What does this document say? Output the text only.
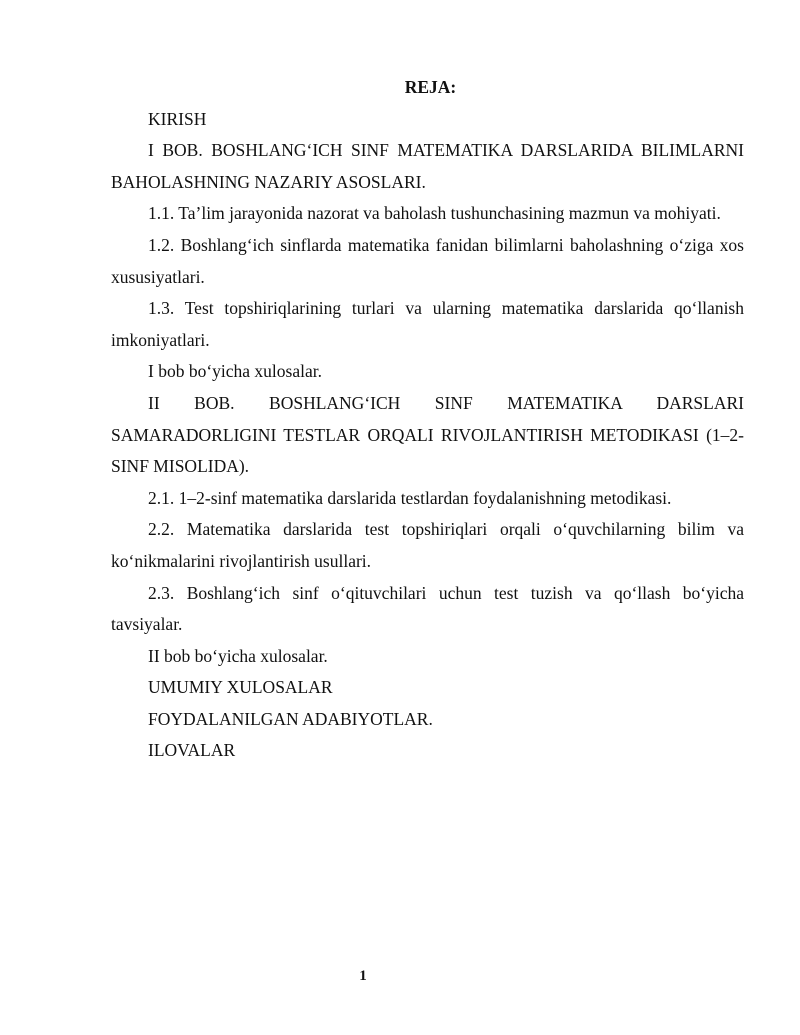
REJA:

KIRISH

I BOB. BOSHLANG‘ICH SINF MATEMATIKA DARSLARIDA BILIMLARNI BAHOLASHNING NAZARIY ASOSLARI.

1.1. Ta’lim jarayonida nazorat va baholash tushunchasining mazmun va mohiyati.

1.2. Boshlang‘ich sinflarda matematika fanidan bilimlarni baholashning o‘ziga xos xususiyatlari.

1.3. Test topshiriqlarining turlari va ularning matematika darslarida qo‘llanish imkoniyatlari.

I bob bo‘yicha xulosalar.

II BOB. BOSHLANG‘ICH SINF MATEMATIKA DARSLARI SAMARADORLIGINI TESTLAR ORQALI RIVOJLANTIRISH METODIKASI (1–2-SINF MISOLIDA).

2.1. 1–2-sinf matematika darslarida testlardan foydalanishning metodikasi.

2.2. Matematika darslarida test topshiriqlari orqali o‘quvchilarning bilim va ko‘nikmalarini rivojlantirish usullari.

2.3. Boshlang‘ich sinf o‘qituvchilari uchun test tuzish va qo‘llash bo‘yicha tavsiyalar.

II bob bo‘yicha xulosalar.

UMUMIY XULOSALAR

FOYDALANILGAN ADABIYOTLAR.

ILOVALAR

1
